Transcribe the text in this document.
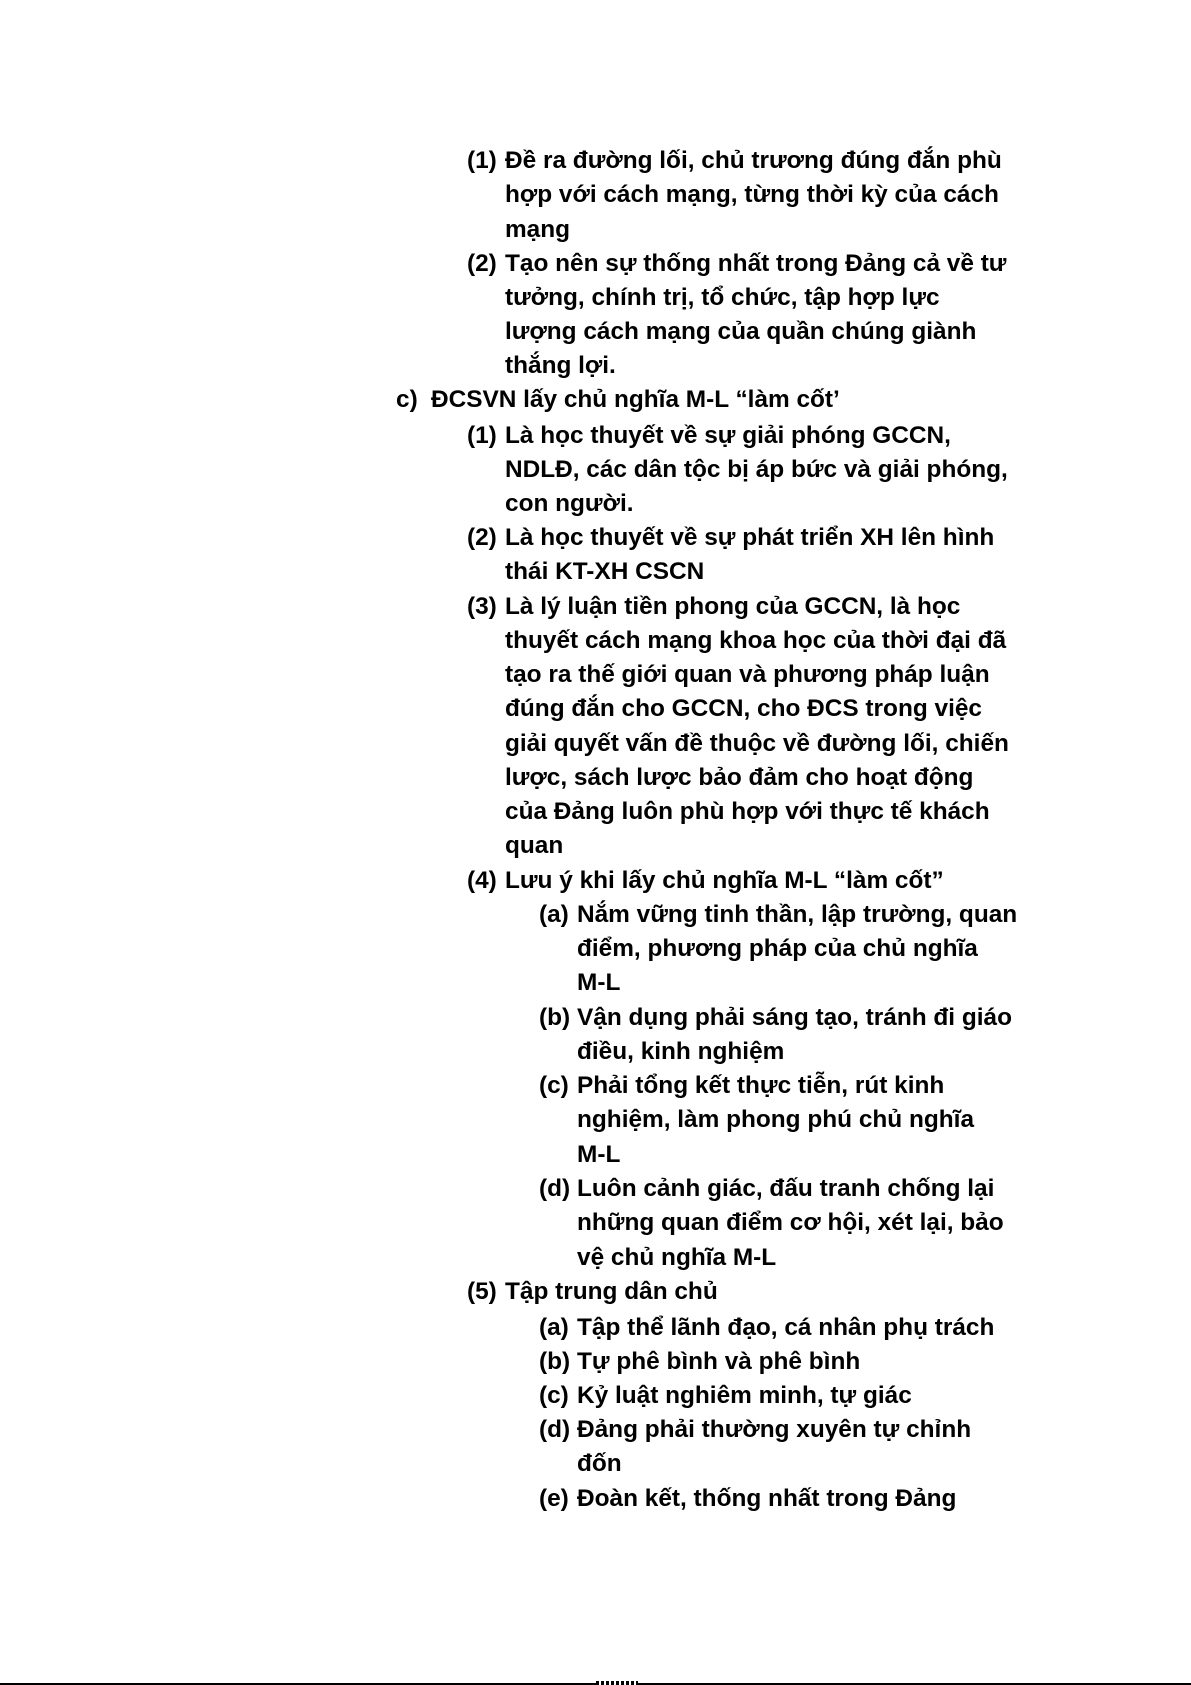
(1) Đề ra đường lối, chủ trương đúng đắn phù
hợp với cách mạng, từng thời kỳ của cách
mạng
(2) Tạo nên sự thống nhất trong Đảng cả về tư
tưởng, chính trị, tổ chức, tập hợp lực
lượng cách mạng của quần chúng giành
thắng lợi.
c) ĐCSVN lấy chủ nghĩa M-L “làm cốt’
(1) Là học thuyết về sự giải phóng GCCN,
NDLĐ, các dân tộc bị áp bức và giải phóng,
con người.
(2) Là học thuyết về sự phát triển XH lên hình
thái KT-XH CSCN
(3) Là lý luận tiền phong của GCCN, là học
thuyết cách mạng khoa học của thời đại đã
tạo ra thế giới quan và phương pháp luận
đúng đắn cho GCCN, cho ĐCS trong việc
giải quyết vấn đề thuộc về đường lối, chiến
lược, sách lược bảo đảm cho hoạt động
của Đảng luôn phù hợp với thực tế khách
quan
(4) Lưu ý khi lấy chủ nghĩa M-L “làm cốt”
(a) Nắm vững tinh thần, lập trường, quan
điểm, phương pháp của chủ nghĩa
M-L
(b) Vận dụng phải sáng tạo, tránh đi giáo
điều, kinh nghiệm
(c) Phải tổng kết thực tiễn, rút kinh
nghiệm, làm phong phú chủ nghĩa
M-L
(d) Luôn cảnh giác, đấu tranh chống lại
những quan điểm cơ hội, xét lại, bảo
vệ chủ nghĩa M-L
(5) Tập trung dân chủ
(a) Tập thể lãnh đạo, cá nhân phụ trách
(b) Tự phê bình và phê bình
(c) Kỷ luật nghiêm minh, tự giác
(d) Đảng phải thường xuyên tự chỉnh
đốn
(e) Đoàn kết, thống nhất trong Đảng
